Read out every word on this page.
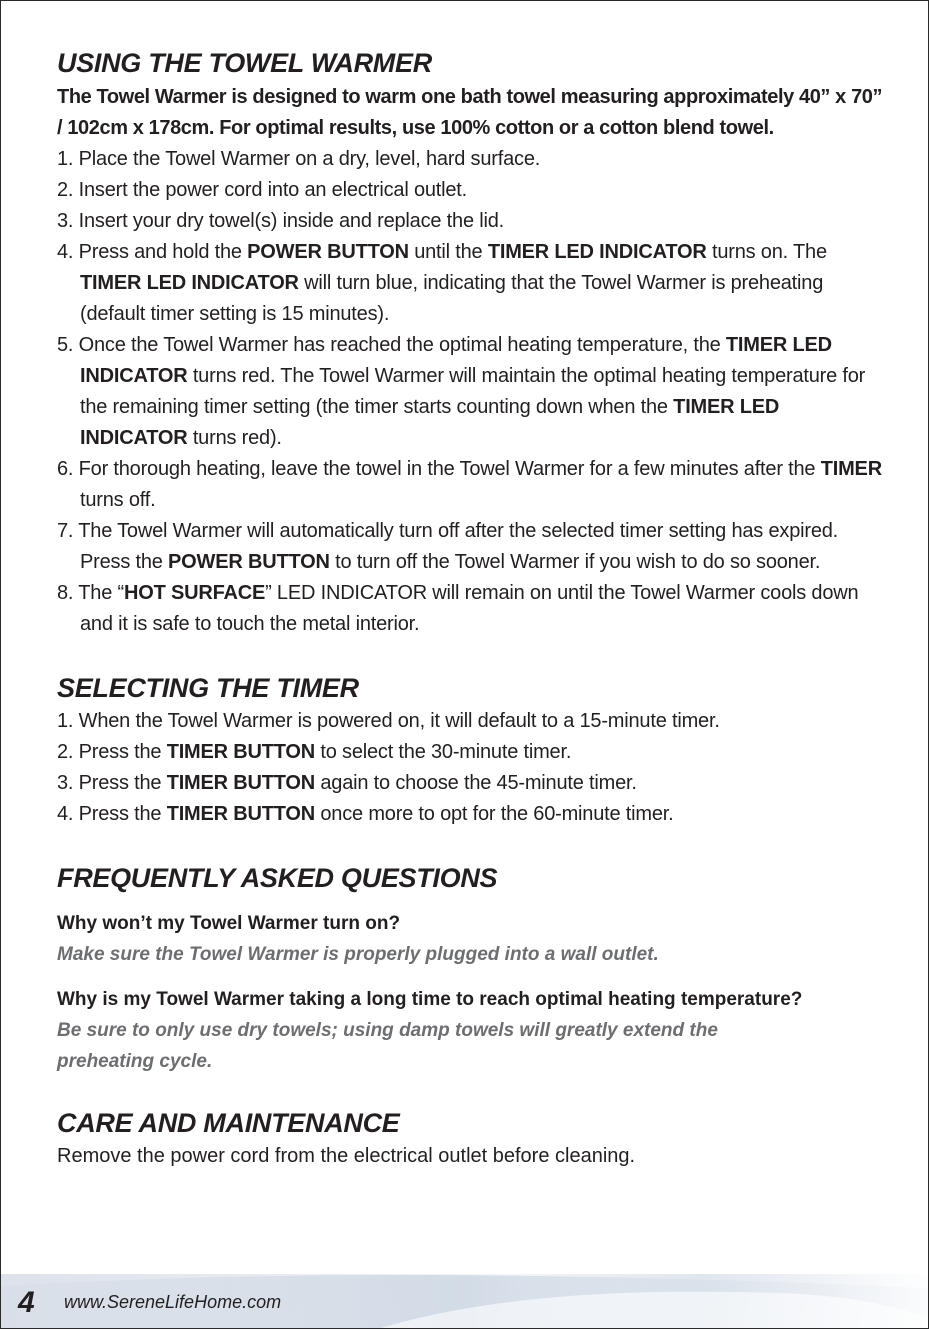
USING THE TOWEL WARMER

The Towel Warmer is designed to warm one bath towel measuring approximately 40” x 70” / 102cm x 178cm. For optimal results, use 100% cotton or a cotton blend towel.

1. Place the Towel Warmer on a dry, level, hard surface.
2. Insert the power cord into an electrical outlet.
3. Insert your dry towel(s) inside and replace the lid.
4. Press and hold the POWER BUTTON until the TIMER LED INDICATOR turns on. The TIMER LED INDICATOR will turn blue, indicating that the Towel Warmer is preheating (default timer setting is 15 minutes).
5. Once the Towel Warmer has reached the optimal heating temperature, the TIMER LED INDICATOR turns red. The Towel Warmer will maintain the optimal heating temperature for the remaining timer setting (the timer starts counting down when the TIMER LED INDICATOR turns red).
6. For thorough heating, leave the towel in the Towel Warmer for a few minutes after the TIMER turns off.
7. The Towel Warmer will automatically turn off after the selected timer setting has expired. Press the POWER BUTTON to turn off the Towel Warmer if you wish to do so sooner.
8. The “HOT SURFACE” LED INDICATOR will remain on until the Towel Warmer cools down and it is safe to touch the metal interior.
SELECTING THE TIMER
1. When the Towel Warmer is powered on, it will default to a 15-minute timer.
2. Press the TIMER BUTTON to select the 30-minute timer.
3. Press the TIMER BUTTON again to choose the 45-minute timer.
4. Press the TIMER BUTTON once more to opt for the 60-minute timer.
FREQUENTLY ASKED QUESTIONS

Why won’t my Towel Warmer turn on?

Make sure the Towel Warmer is properly plugged into a wall outlet.

Why is my Towel Warmer taking a long time to reach optimal heating temperature?

Be sure to only use dry towels; using damp towels will greatly extend the preheating cycle.

CARE AND MAINTENANCE

Remove the power cord from the electrical outlet before cleaning.

4 www.SereneLifeHome.com
